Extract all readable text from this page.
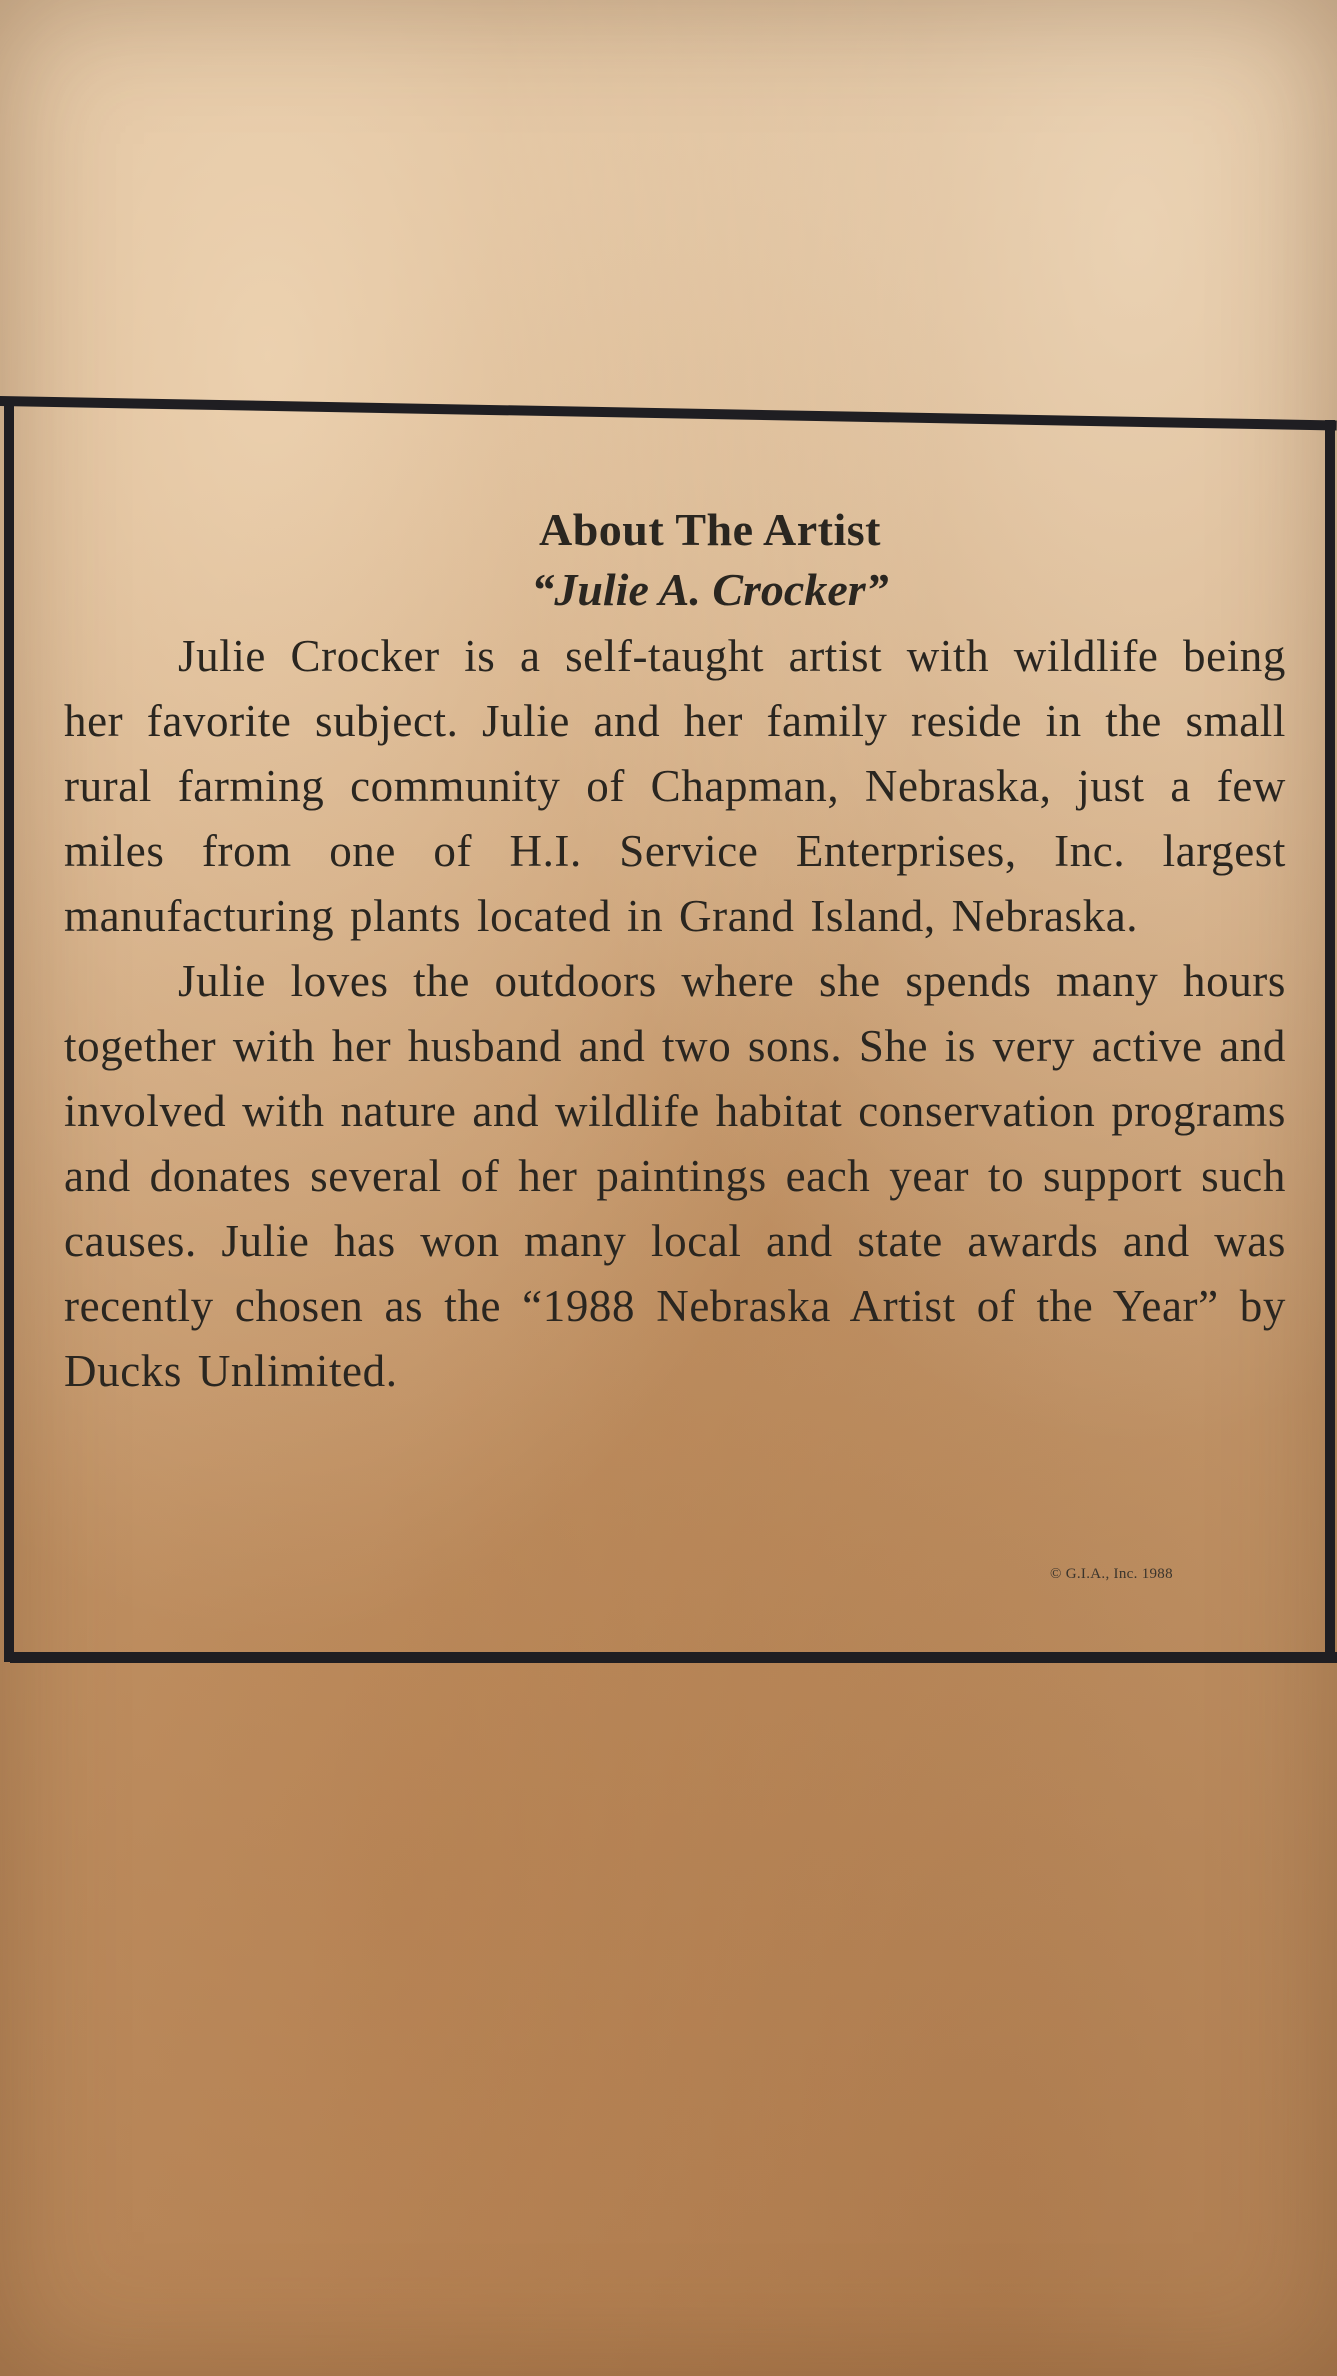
About The Artist
“Julie A. Crocker”

Julie Crocker is a self-taught artist with wildlife being her favorite subject. Julie and her family reside in the small rural farming community of Chapman, Nebraska, just a few miles from one of H.I. Service Enterprises, Inc. largest manufacturing plants located in Grand Island, Nebraska.

Julie loves the outdoors where she spends many hours together with her husband and two sons. She is very active and involved with nature and wildlife habitat conservation programs and donates several of her paintings each year to support such causes. Julie has won many local and state awards and was recently chosen as the “1988 Nebraska Artist of the Year” by Ducks Unlimited.

© G.I.A., Inc. 1988
